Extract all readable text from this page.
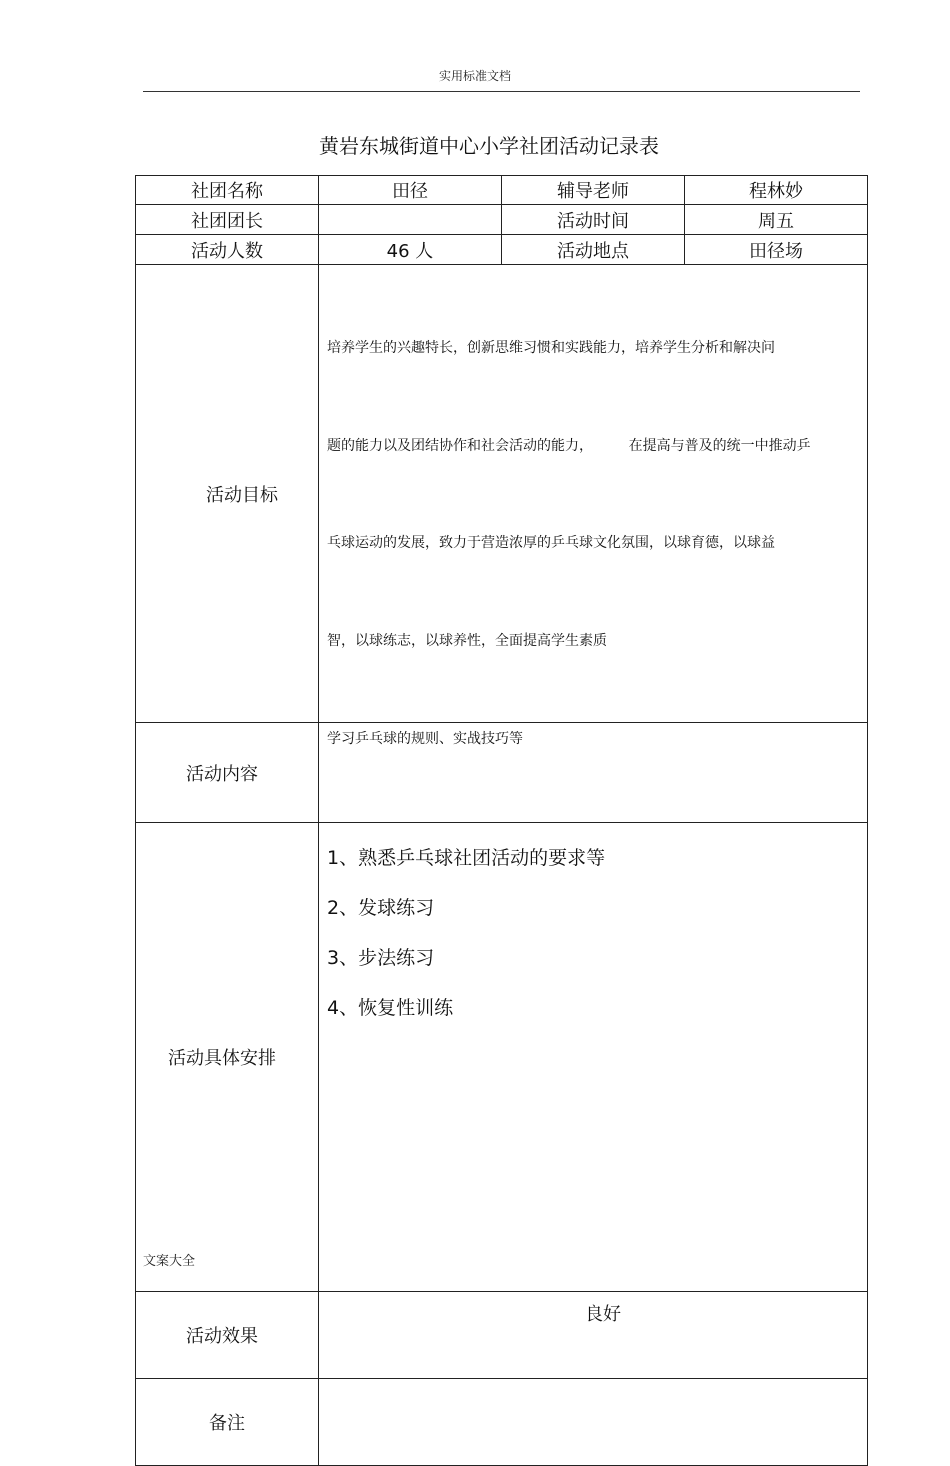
实用标准文档
黄岩东城街道中心小学社团活动记录表
社团名称	田径	辅导老师	程林妙
社团团长		活动时间	周五
活动人数	46 人	活动地点	田径场
活动目标	培养学生的兴趣特长，创新思维习惯和实践能力，培养学生分析和解决问

题的能力以及团结协作和社会活动的能力，        在提高与普及的统一中推动乒

乓球运动的发展，致力于营造浓厚的乒乓球文化氛围，以球育德，以球益

智，以球练志，以球养性，全面提高学生素质		

活动内容	学习乒乓球的规则、实战技巧等		

活动具体安排	1、熟悉乒乓球社团活动的要求等
2、发球练习
3、步法练习
4、恢复性训练		

活动效果	良好		

备注			
文案大全
